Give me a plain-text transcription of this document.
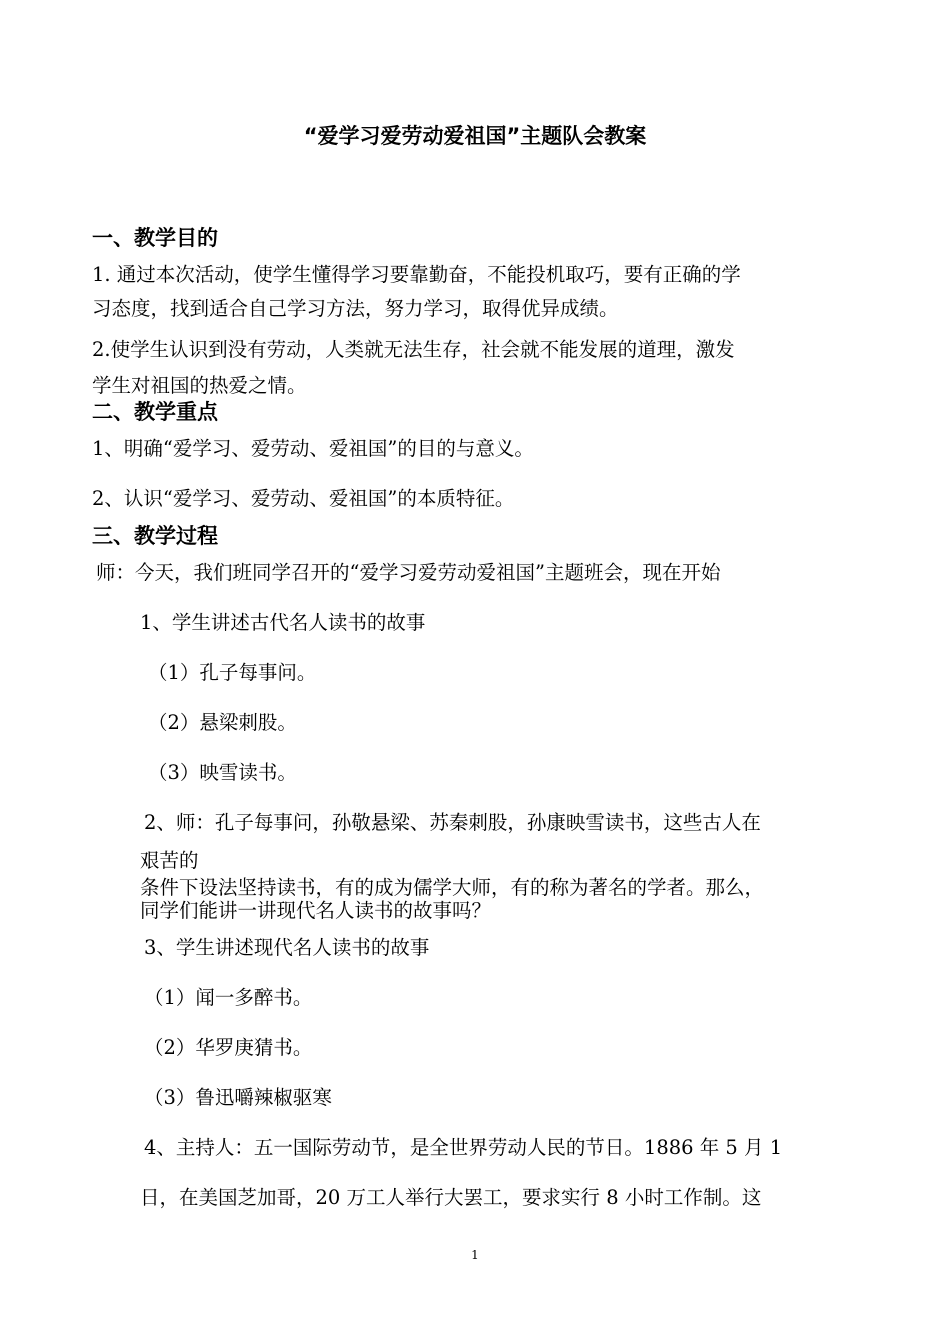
“爱学习爱劳动爱祖国”主题队会教案
一、教学目的
1. 通过本次活动，使学生懂得学习要靠勤奋，不能投机取巧，要有正确的学
习态度，找到适合自己学习方法，努力学习，取得优异成绩。
2.使学生认识到没有劳动，人类就无法生存，社会就不能发展的道理，激发
学生对祖国的热爱之情。
二、教学重点
1、明确“爱学习、爱劳动、爱祖国”的目的与意义。
2、认识“爱学习、爱劳动、爱祖国”的本质特征。
三、教学过程
师：今天，我们班同学召开的“爱学习爱劳动爱祖国”主题班会，现在开始
1、学生讲述古代名人读书的故事
（1）孔子每事问。
（2）悬梁刺股。
（3）映雪读书。
2、师：孔子每事问，孙敬悬梁、苏秦刺股，孙康映雪读书，这些古人在
艰苦的
条件下设法坚持读书，有的成为儒学大师，有的称为著名的学者。那么，
同学们能讲一讲现代名人读书的故事吗？
3、学生讲述现代名人读书的故事
（1）闻一多醉书。
（2）华罗庚猜书。
（3）鲁迅嚼辣椒驱寒
4、主持人：五一国际劳动节，是全世界劳动人民的节日。1886 年 5 月 1
日，在美国芝加哥，20 万工人举行大罢工，要求实行 8 小时工作制。这
1
